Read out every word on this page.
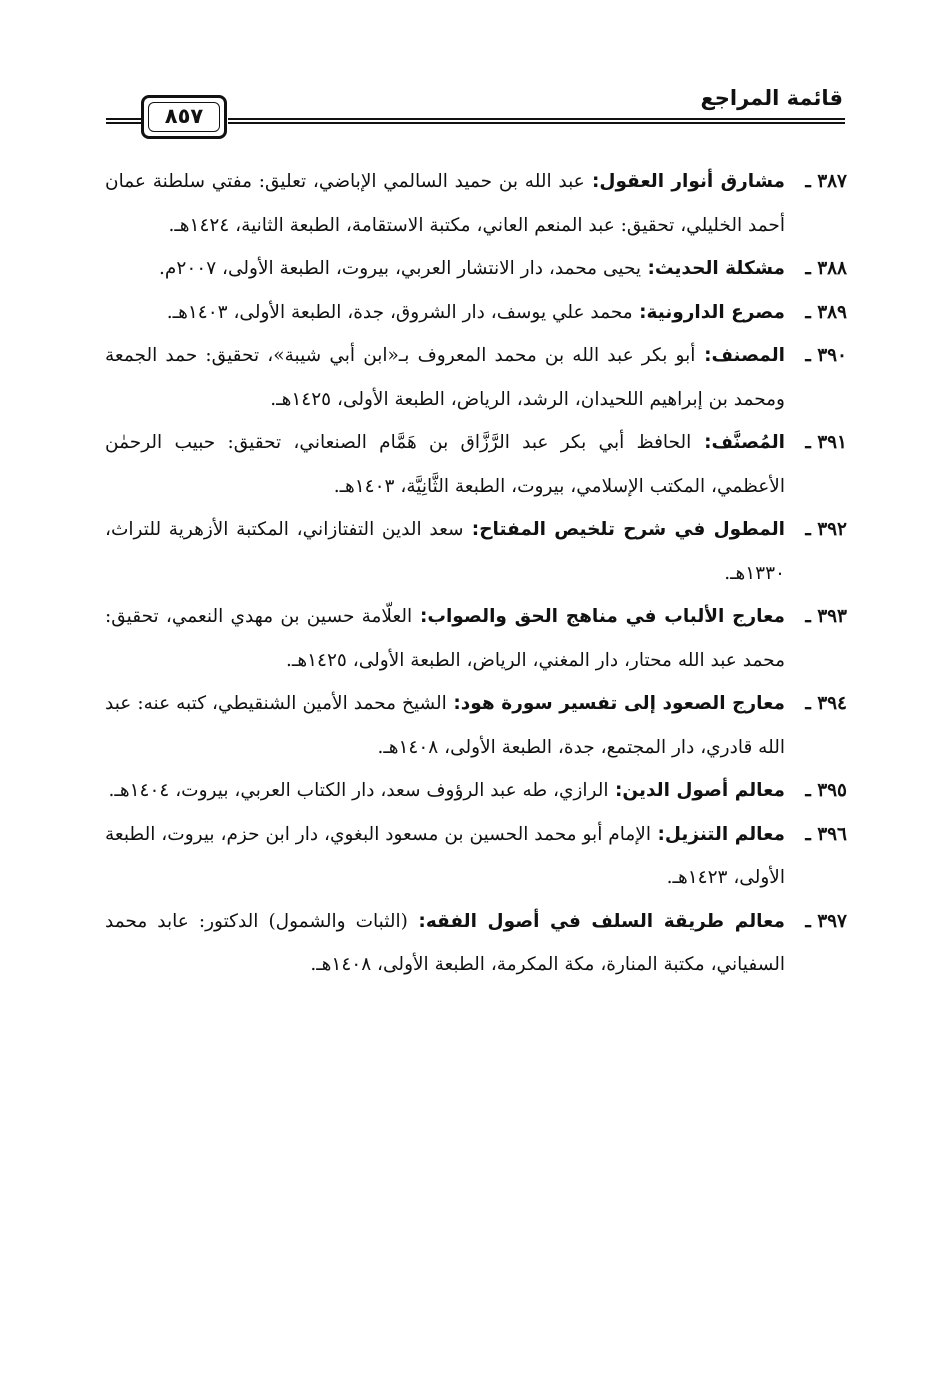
قائمة المراجع
٨٥٧
٣٨٧ ـ
مشارق أنوار العقول: عبد الله بن حميد السالمي الإباضي، تعليق: مفتي سلطنة عمان أحمد الخليلي، تحقيق: عبد المنعم العاني، مكتبة الاستقامة، الطبعة الثانية، ١٤٢٤هـ.
٣٨٨ ـ
مشكلة الحديث: يحيى محمد، دار الانتشار العربي، بيروت، الطبعة الأولى، ٢٠٠٧م.
٣٨٩ ـ
مصرع الدارونية: محمد علي يوسف، دار الشروق، جدة، الطبعة الأولى، ١٤٠٣هـ.
٣٩٠ ـ
المصنف: أبو بكر عبد الله بن محمد المعروف بـ«ابن أبي شيبة»، تحقيق: حمد الجمعة ومحمد بن إبراهيم اللحيدان، الرشد، الرياض، الطبعة الأولى، ١٤٢٥هـ.
٣٩١ ـ
المُصنَّف: الحافظ أبي بكر عبد الرَّزَّاق بن هَمَّام الصنعاني، تحقيق: حبيب الرحمٰن الأعظمي، المكتب الإسلامي، بيروت، الطبعة الثَّانِيَّة، ١٤٠٣هـ.
٣٩٢ ـ
المطول في شرح تلخيص المفتاح: سعد الدين التفتازاني، المكتبة الأزهرية للتراث، ١٣٣٠هـ.
٣٩٣ ـ
معارج الألباب في مناهج الحق والصواب: العلّامة حسين بن مهدي النعمي، تحقيق: محمد عبد الله محتار، دار المغني، الرياض، الطبعة الأولى، ١٤٢٥هـ.
٣٩٤ ـ
معارج الصعود إلى تفسير سورة هود: الشيخ محمد الأمين الشنقيطي، كتبه عنه: عبد الله قادري، دار المجتمع، جدة، الطبعة الأولى، ١٤٠٨هـ.
٣٩٥ ـ
معالم أصول الدين: الرازي، طه عبد الرؤوف سعد، دار الكتاب العربي، بيروت، ١٤٠٤هـ.
٣٩٦ ـ
معالم التنزيل: الإمام أبو محمد الحسين بن مسعود البغوي، دار ابن حزم، بيروت، الطبعة الأولى، ١٤٢٣هـ.
٣٩٧ ـ
معالم طريقة السلف في أصول الفقه: (الثبات والشمول) الدكتور: عابد محمد السفياني، مكتبة المنارة، مكة المكرمة، الطبعة الأولى، ١٤٠٨هـ.
